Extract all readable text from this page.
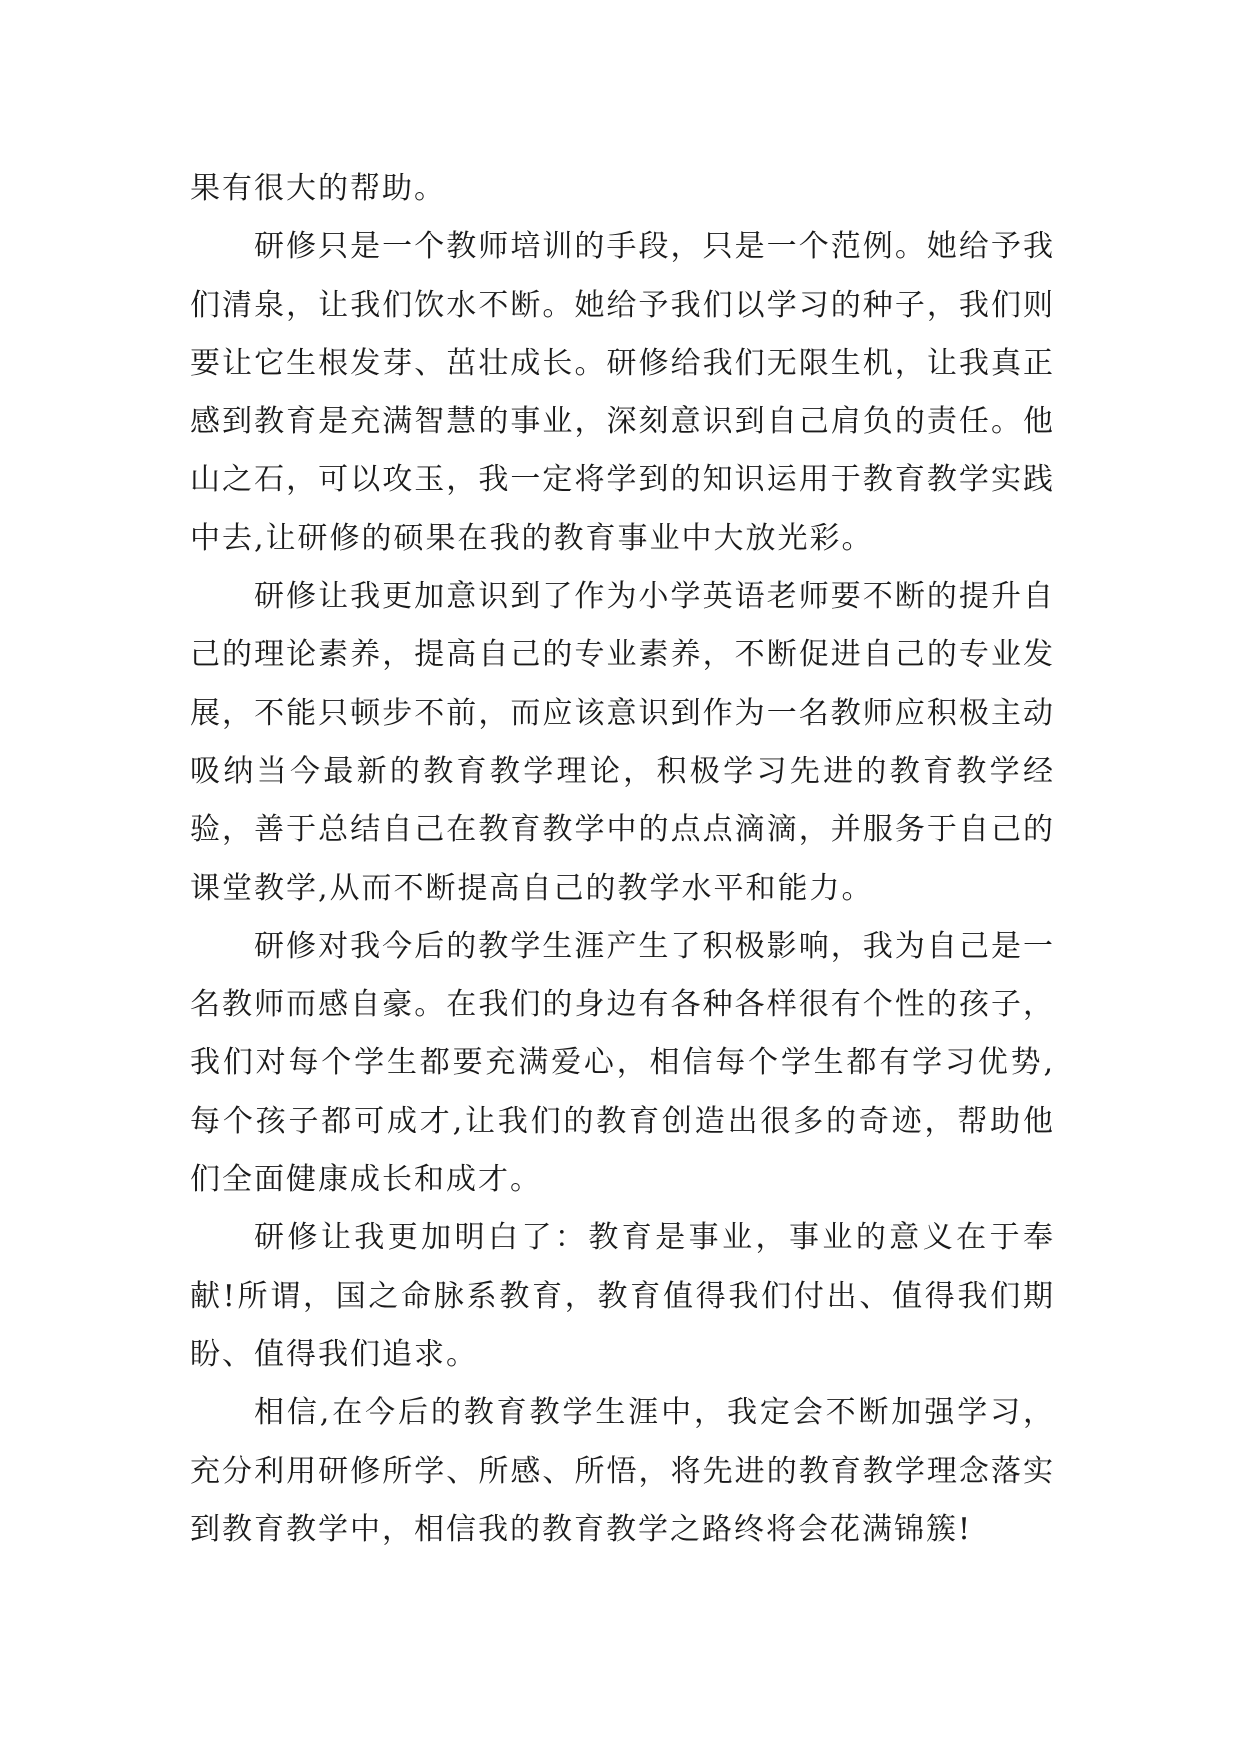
果有很大的帮助。

研修只是一个教师培训的手段，只是一个范例。她给予我们清泉，让我们饮水不断。她给予我们以学习的种子，我们则要让它生根发芽、茁壮成长。研修给我们无限生机，让我真正感到教育是充满智慧的事业，深刻意识到自己肩负的责任。他山之石，可以攻玉，我一定将学到的知识运用于教育教学实践中去,让研修的硕果在我的教育事业中大放光彩。

研修让我更加意识到了作为小学英语老师要不断的提升自己的理论素养，提高自己的专业素养，不断促进自己的专业发展，不能只顿步不前，而应该意识到作为一名教师应积极主动吸纳当今最新的教育教学理论，积极学习先进的教育教学经验，善于总结自己在教育教学中的点点滴滴，并服务于自己的课堂教学,从而不断提高自己的教学水平和能力。

研修对我今后的教学生涯产生了积极影响，我为自己是一名教师而感自豪。在我们的身边有各种各样很有个性的孩子，我们对每个学生都要充满爱心，相信每个学生都有学习优势,每个孩子都可成才,让我们的教育创造出很多的奇迹，帮助他们全面健康成长和成才。

研修让我更加明白了：教育是事业，事业的意义在于奉献!所谓，国之命脉系教育，教育值得我们付出、值得我们期盼、值得我们追求。

相信,在今后的教育教学生涯中，我定会不断加强学习，充分利用研修所学、所感、所悟，将先进的教育教学理念落实到教育教学中，相信我的教育教学之路终将会花满锦簇!
